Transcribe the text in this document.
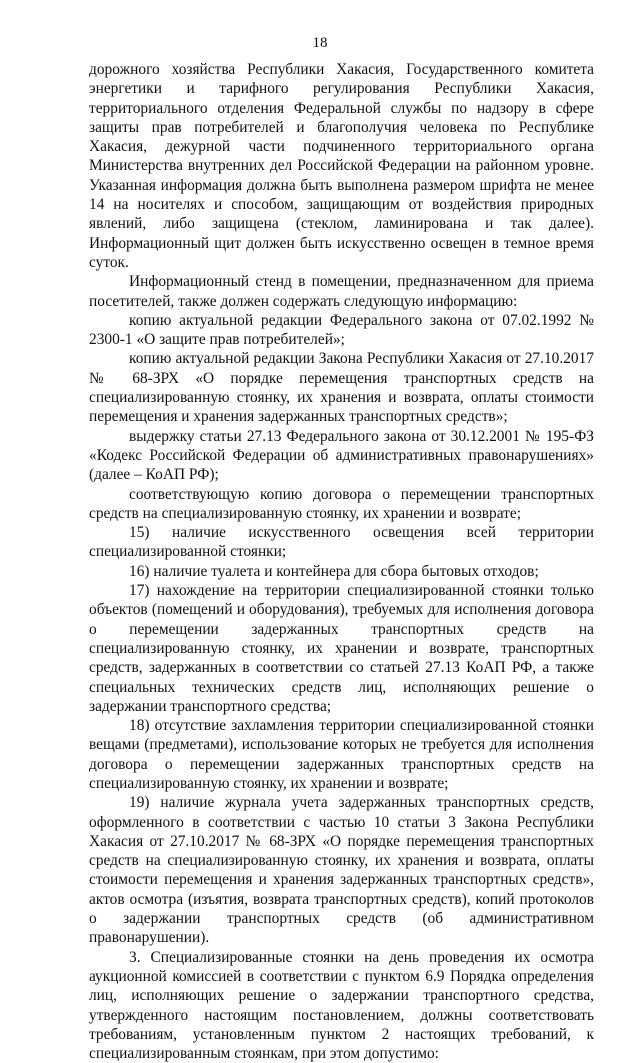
18

дорожного хозяйства Республики Хакасия, Государственного комитета энергетики и тарифного регулирования Республики Хакасия, территориального отделения Федеральной службы по надзору в сфере защиты прав потребителей и благополучия человека по Республике Хакасия, дежурной части подчиненного территориального органа Министерства внутренних дел Российской Федерации на районном уровне. Указанная информация должна быть выполнена размером шрифта не менее 14 на носителях и способом, защищающим от воздействия природных явлений, либо защищена (стеклом, ламинирована и так далее). Информационный щит должен быть искусственно освещен в темное время суток.

Информационный стенд в помещении, предназначенном для приема посетителей, также должен содержать следующую информацию:

копию актуальной редакции Федерального закона от 07.02.1992 № 2300-1 «О защите прав потребителей»;

копию актуальной редакции Закона Республики Хакасия от 27.10.2017 № 68-ЗРХ «О порядке перемещения транспортных средств на специализированную стоянку, их хранения и возврата, оплаты стоимости перемещения и хранения задержанных транспортных средств»;

выдержку статьи 27.13 Федерального закона от 30.12.2001 № 195-ФЗ «Кодекс Российской Федерации об административных правонарушениях» (далее – КоАП РФ);

соответствующую копию договора о перемещении транспортных средств на специализированную стоянку, их хранении и возврате;

15) наличие искусственного освещения всей территории специализированной стоянки;

16) наличие туалета и контейнера для сбора бытовых отходов;

17) нахождение на территории специализированной стоянки только объектов (помещений и оборудования), требуемых для исполнения договора о перемещении задержанных транспортных средств на специализированную стоянку, их хранении и возврате, транспортных средств, задержанных в соответствии со статьей 27.13 КоАП РФ, а также специальных технических средств лиц, исполняющих решение о задержании транспортного средства;

18) отсутствие захламления территории специализированной стоянки вещами (предметами), использование которых не требуется для исполнения договора о перемещении задержанных транспортных средств на специализированную стоянку, их хранении и возврате;

19) наличие журнала учета задержанных транспортных средств, оформленного в соответствии с частью 10 статьи 3 Закона Республики Хакасия от 27.10.2017 № 68-ЗРХ «О порядке перемещения транспортных средств на специализированную стоянку, их хранения и возврата, оплаты стоимости перемещения и хранения задержанных транспортных средств», актов осмотра (изъятия, возврата транспортных средств), копий протоколов о задержании транспортных средств (об административном правонарушении).

3. Специализированные стоянки на день проведения их осмотра аукционной комиссией в соответствии с пунктом 6.9 Порядка определения лиц, исполняющих решение о задержании транспортного средства, утвержденного настоящим постановлением, должны соответствовать требованиям, установленным пунктом 2 настоящих требований, к специализированным стоянкам, при этом допустимо:
